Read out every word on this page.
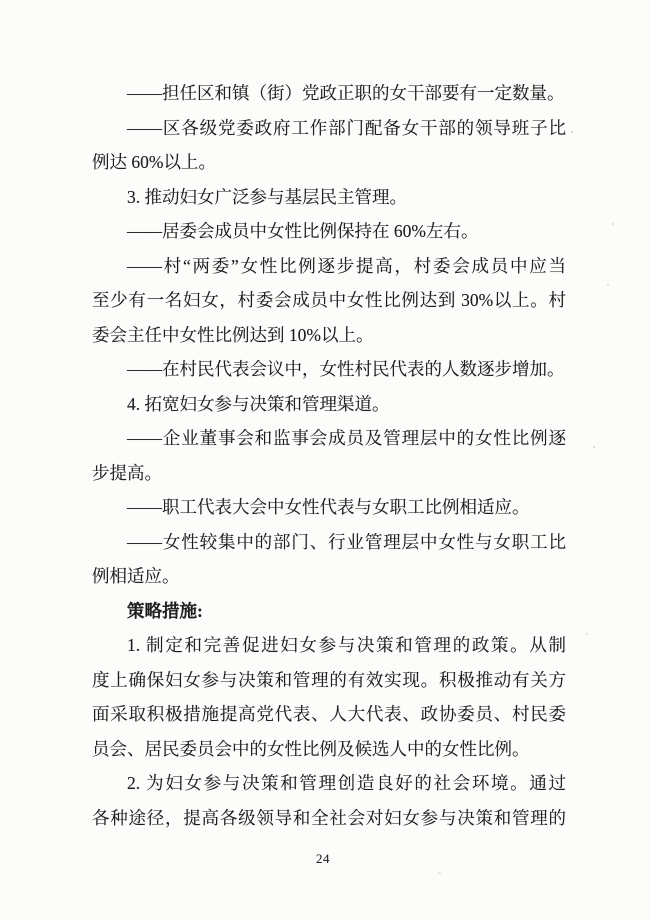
——担任区和镇（街）党政正职的女干部要有一定数量。
——区各级党委政府工作部门配备女干部的领导班子比
例达 60%以上。
3. 推动妇女广泛参与基层民主管理。
——居委会成员中女性比例保持在 60%左右。
——村“两委”女性比例逐步提高，村委会成员中应当
至少有一名妇女，村委会成员中女性比例达到 30%以上。村
委会主任中女性比例达到 10%以上。
——在村民代表会议中，女性村民代表的人数逐步增加。
4. 拓宽妇女参与决策和管理渠道。
——企业董事会和监事会成员及管理层中的女性比例逐
步提高。
——职工代表大会中女性代表与女职工比例相适应。
——女性较集中的部门、行业管理层中女性与女职工比
例相适应。
策略措施:
1. 制定和完善促进妇女参与决策和管理的政策。从制
度上确保妇女参与决策和管理的有效实现。积极推动有关方
面采取积极措施提高党代表、人大代表、政协委员、村民委
员会、居民委员会中的女性比例及候选人中的女性比例。
2. 为妇女参与决策和管理创造良好的社会环境。通过
各种途径，提高各级领导和全社会对妇女参与决策和管理的
24
